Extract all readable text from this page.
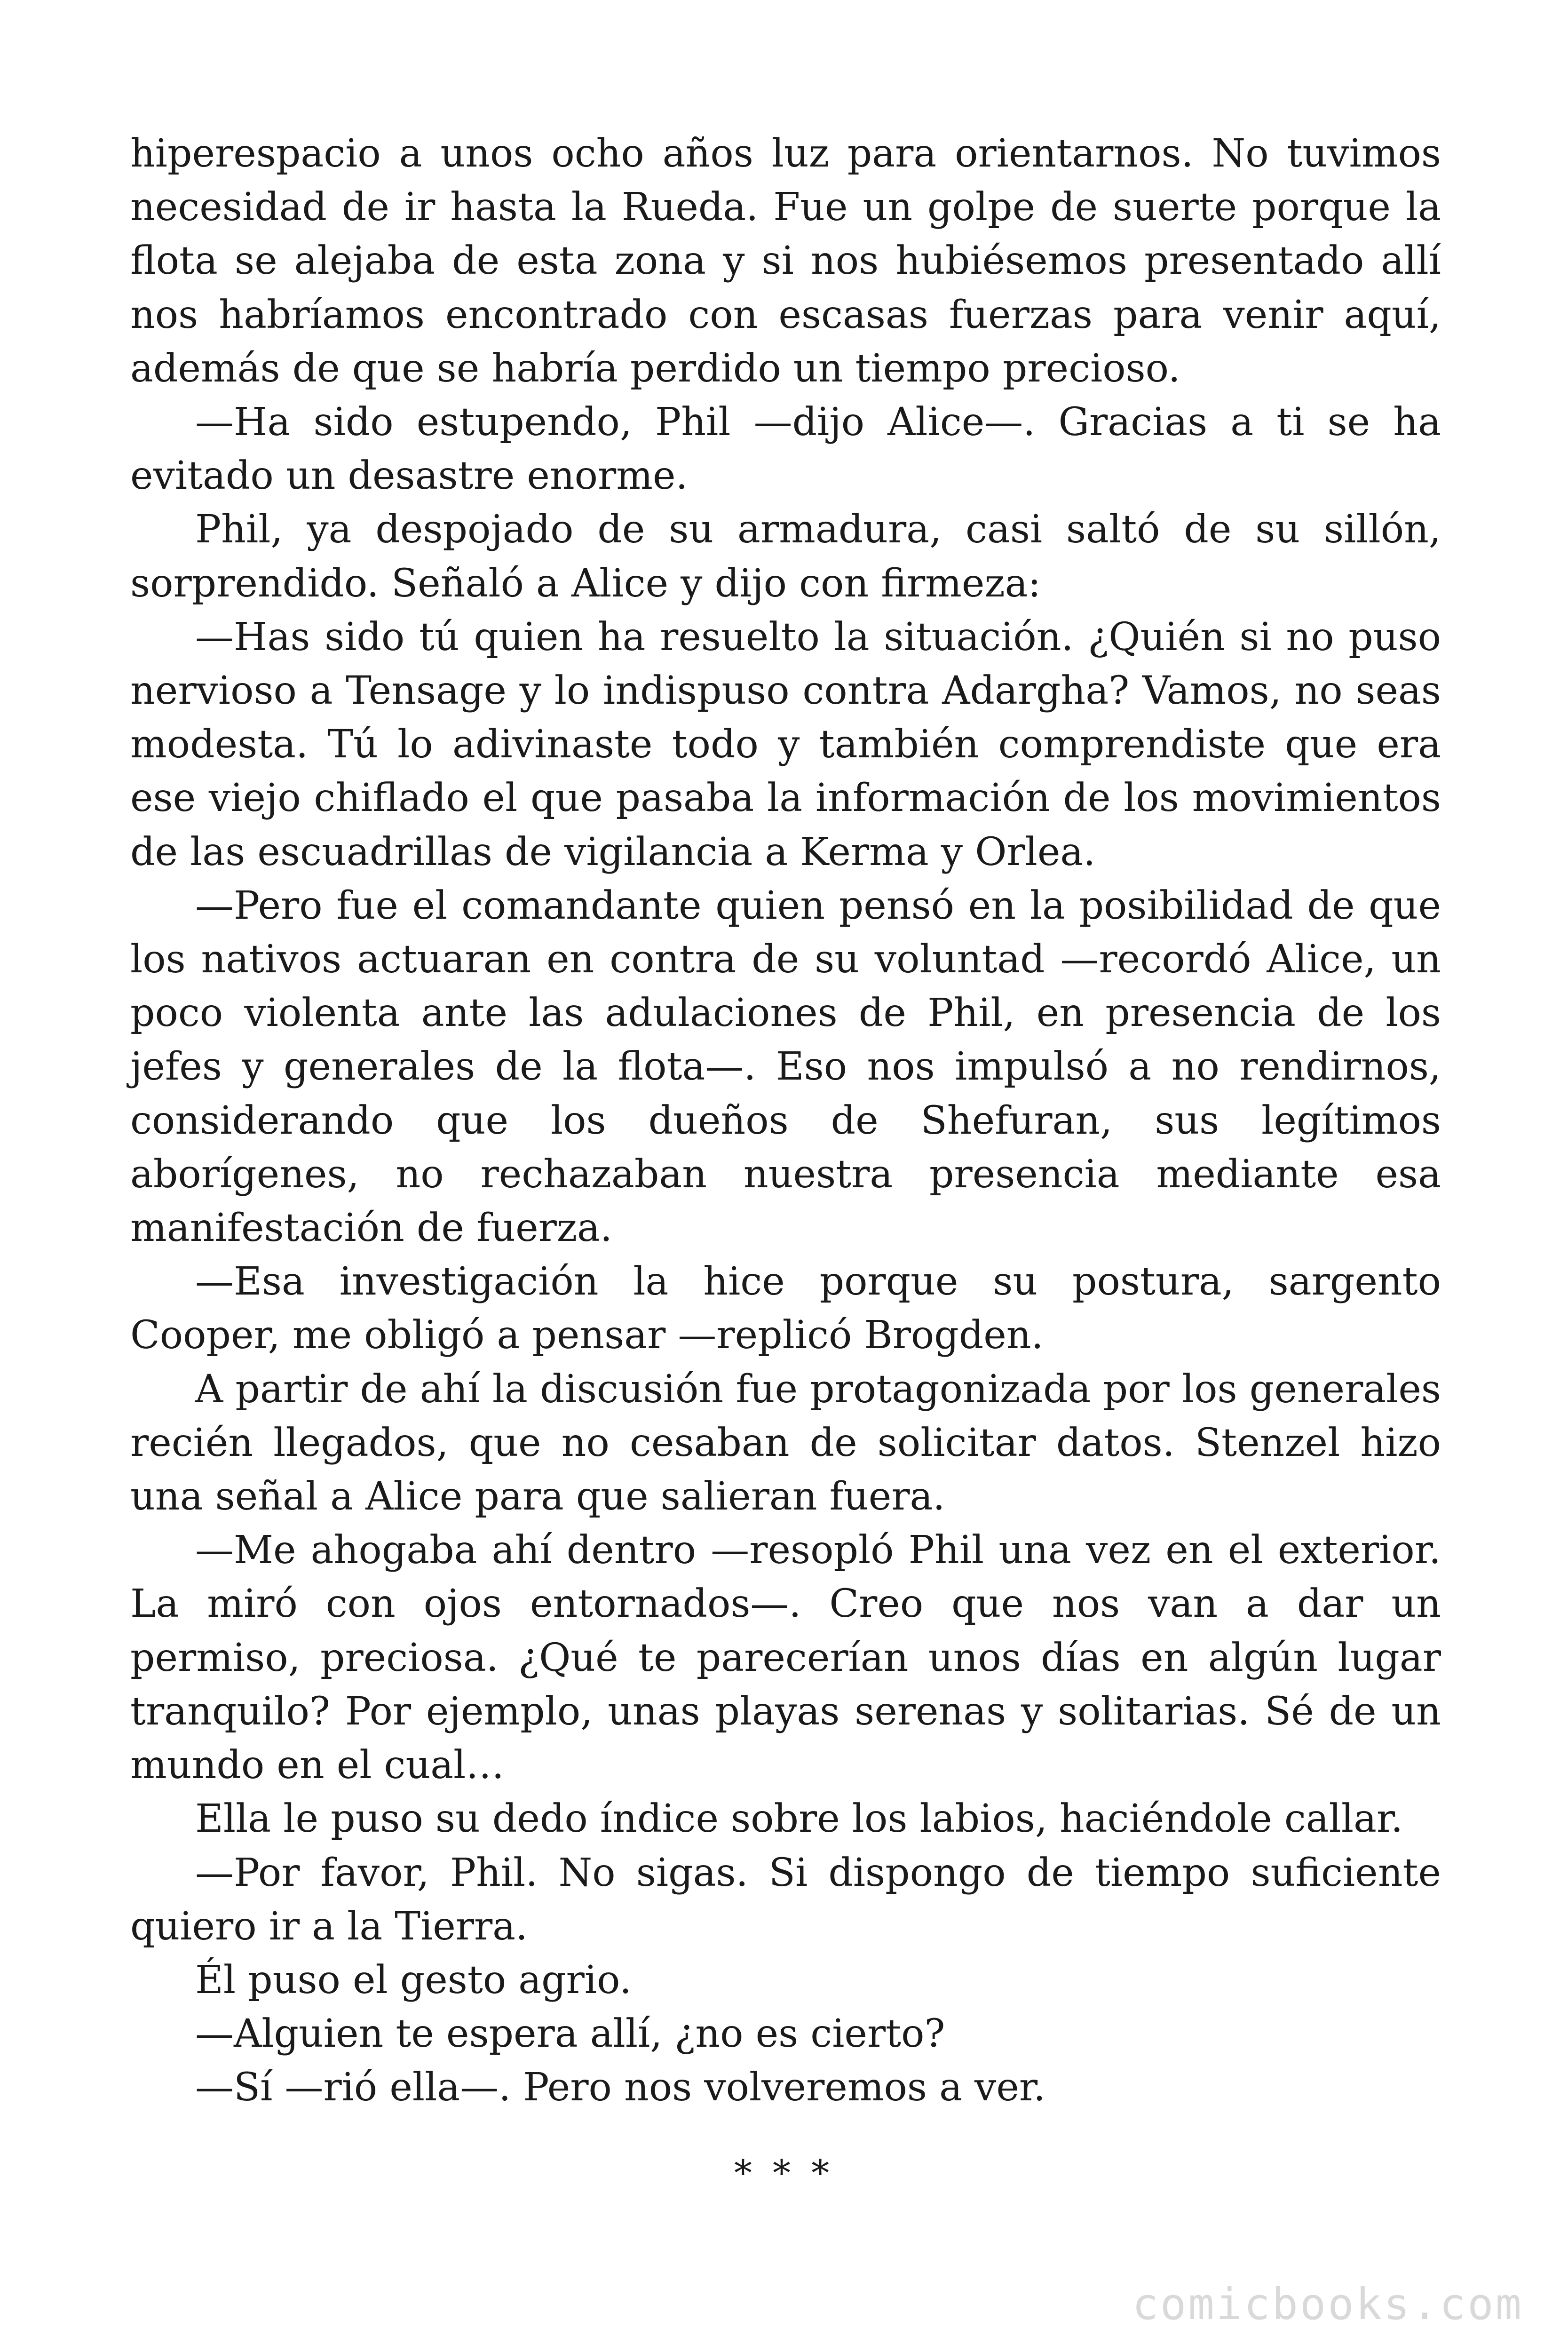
hiperespacio a unos ocho años luz para orientarnos. No tuvimos necesidad de ir hasta la Rueda. Fue un golpe de suerte porque la flota se alejaba de esta zona y si nos hubiésemos presentado allí nos habríamos encontrado con escasas fuerzas para venir aquí, además de que se habría perdido un tiempo precioso.

—Ha sido estupendo, Phil —dijo Alice—. Gracias a ti se ha evitado un desastre enorme.

Phil, ya despojado de su armadura, casi saltó de su sillón, sorprendido. Señaló a Alice y dijo con firmeza:

—Has sido tú quien ha resuelto la situación. ¿Quién si no puso nervioso a Tensage y lo indispuso contra Adargha? Vamos, no seas modesta. Tú lo adivinaste todo y también comprendiste que era ese viejo chiflado el que pasaba la información de los movimientos de las escuadrillas de vigilancia a Kerma y Orlea.

—Pero fue el comandante quien pensó en la posibilidad de que los nativos actuaran en contra de su voluntad —recordó Alice, un poco violenta ante las adulaciones de Phil, en presencia de los jefes y generales de la flota—. Eso nos impulsó a no rendirnos, considerando que los dueños de Shefuran, sus legítimos aborígenes, no rechazaban nuestra presencia mediante esa manifestación de fuerza.

—Esa investigación la hice porque su postura, sargento Cooper, me obligó a pensar —replicó Brogden.

A partir de ahí la discusión fue protagonizada por los generales recién llegados, que no cesaban de solicitar datos. Stenzel hizo una señal a Alice para que salieran fuera.

—Me ahogaba ahí dentro —resopló Phil una vez en el exterior. La miró con ojos entornados—. Creo que nos van a dar un permiso, preciosa. ¿Qué te parecerían unos días en algún lugar tranquilo? Por ejemplo, unas playas serenas y solitarias. Sé de un mundo en el cual…

Ella le puso su dedo índice sobre los labios, haciéndole callar.

—Por favor, Phil. No sigas. Si dispongo de tiempo suficiente quiero ir a la Tierra.

Él puso el gesto agrio.

—Alguien te espera allí, ¿no es cierto?

—Sí —rió ella—. Pero nos volveremos a ver.

* * *
comicbooks.com
